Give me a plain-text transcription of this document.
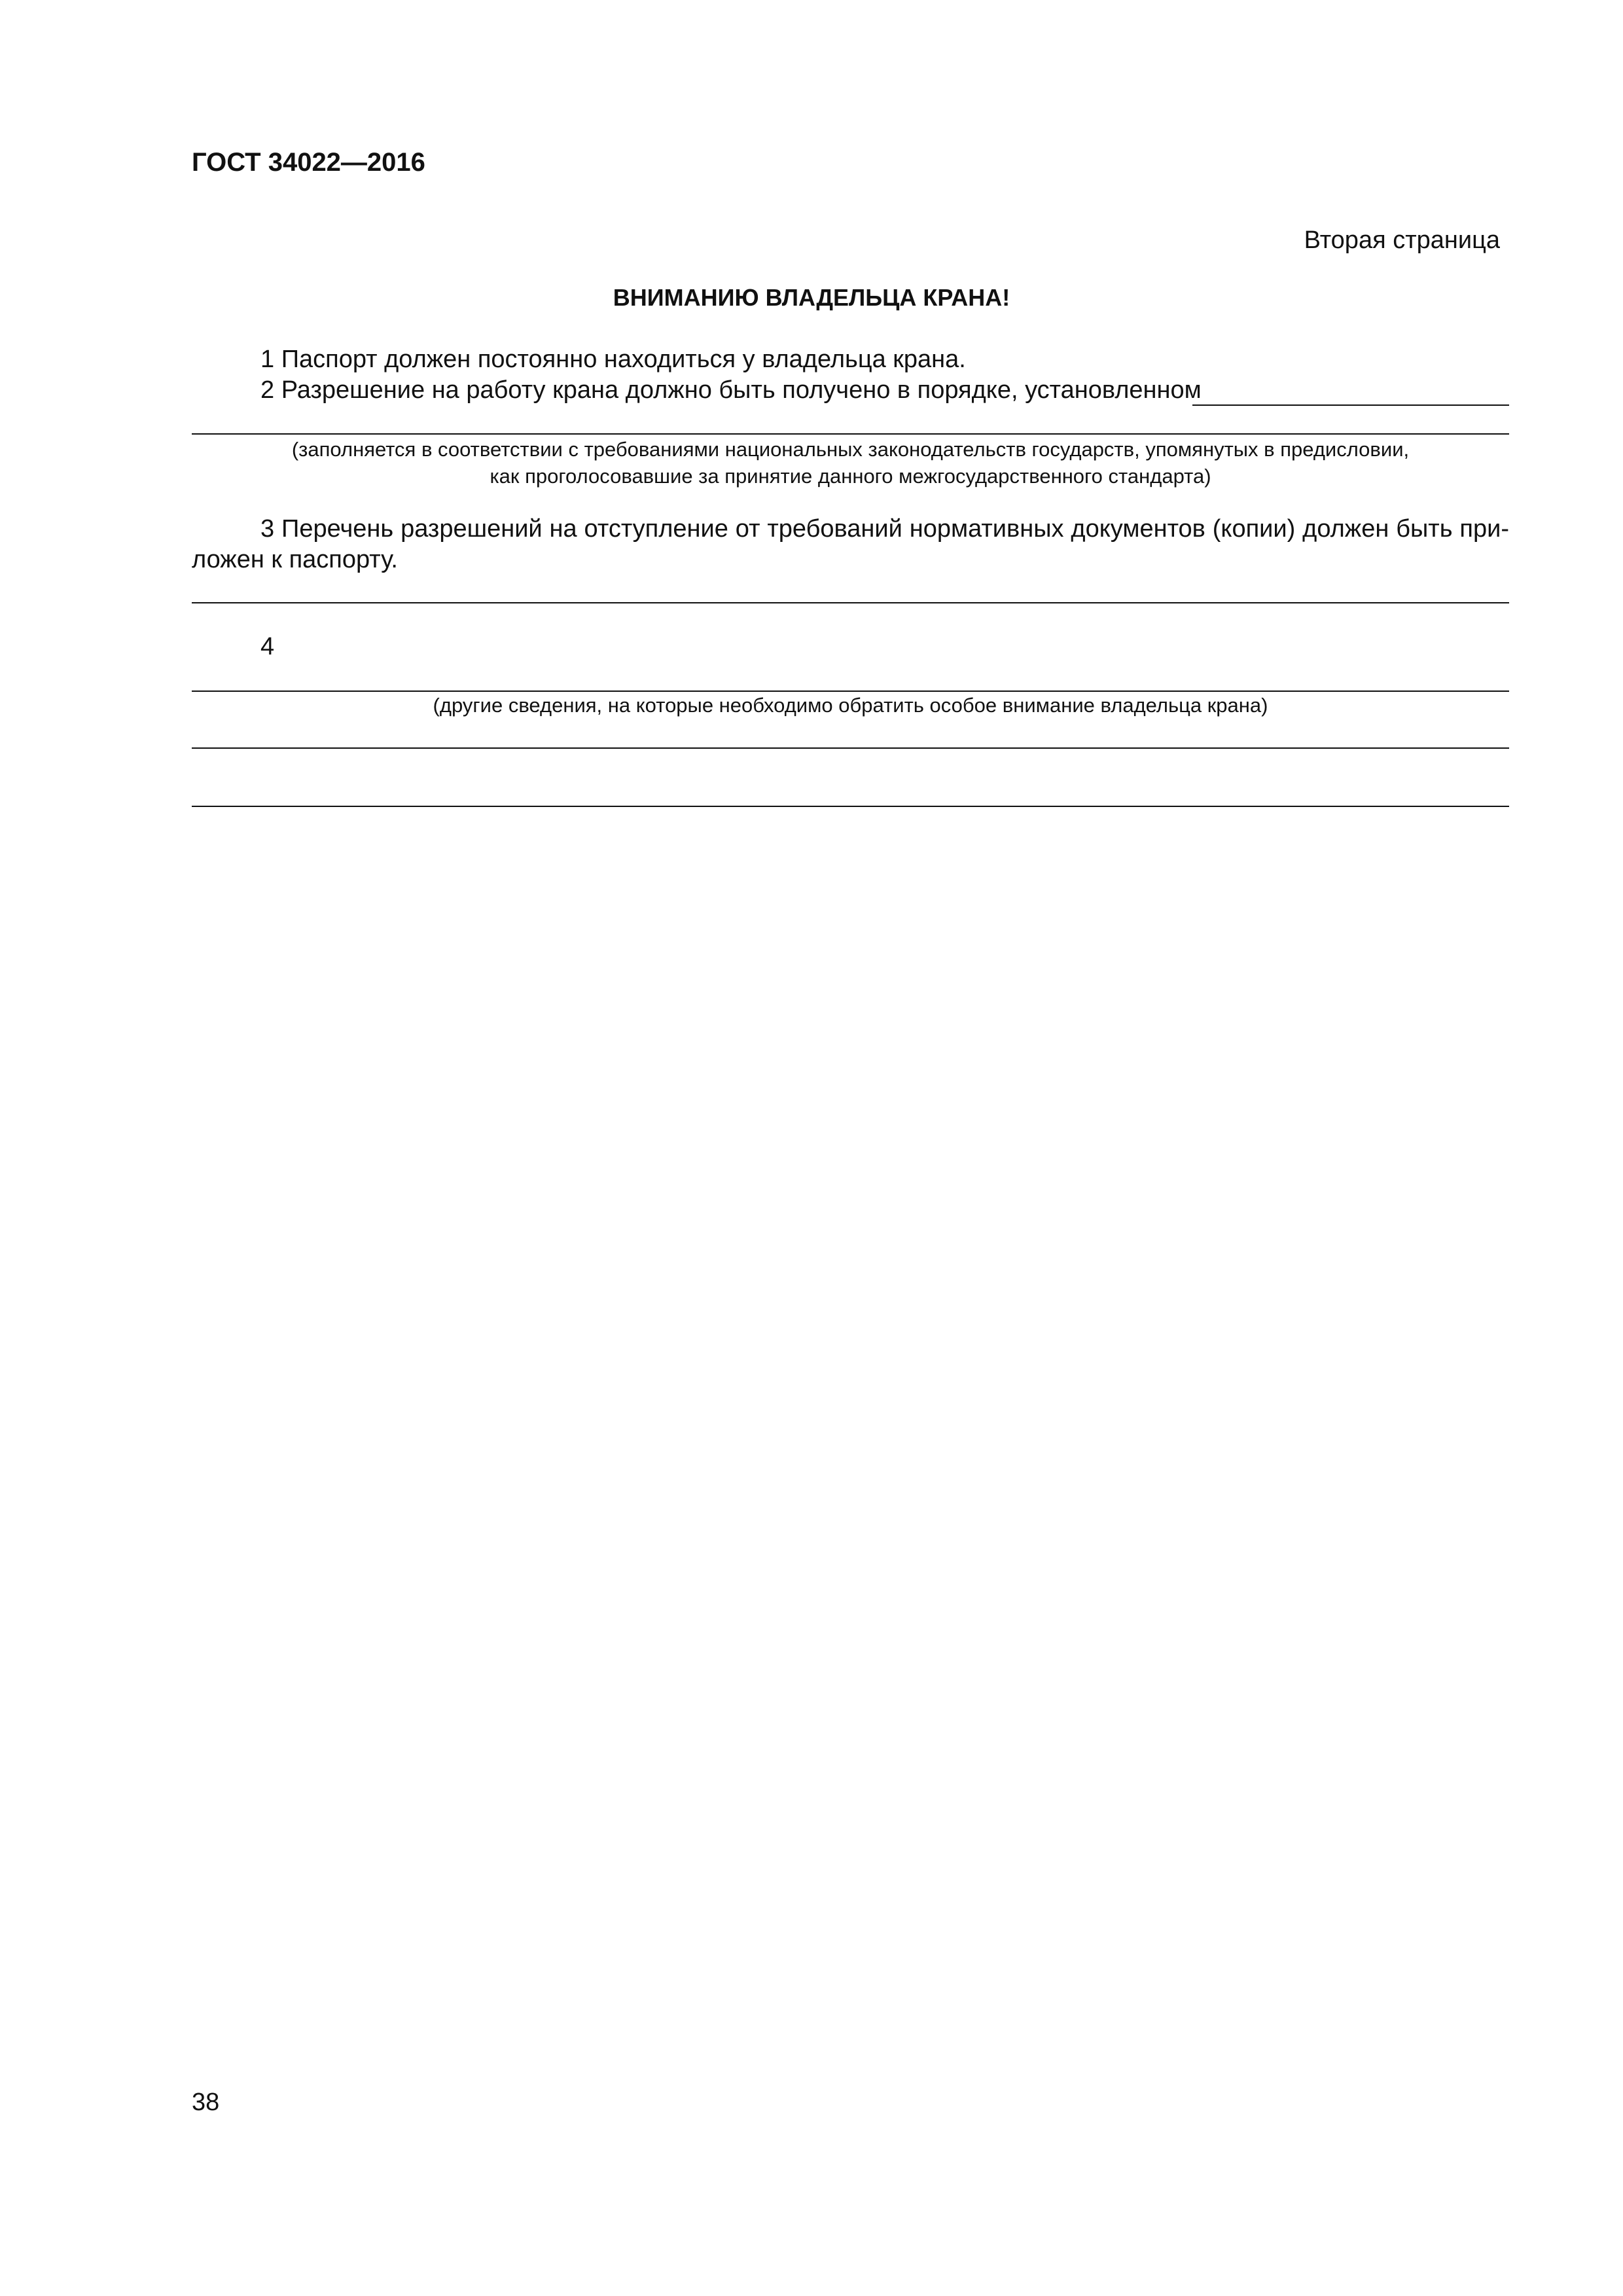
ГОСТ 34022—2016
Вторая страница
ВНИМАНИЮ ВЛАДЕЛЬЦА КРАНА!
1 Паспорт должен постоянно находиться у владельца крана.
2 Разрешение на работу крана должно быть получено в порядке, установленном
(заполняется в соответствии с требованиями национальных законодательств государств, упомянутых в предисловии,
как проголосовавшие за принятие данного межгосударственного стандарта)
3 Перечень разрешений на отступление от требований нормативных документов (копии) должен быть приложен к паспорту.
4
(другие сведения, на которые необходимо обратить особое внимание владельца крана)
38
